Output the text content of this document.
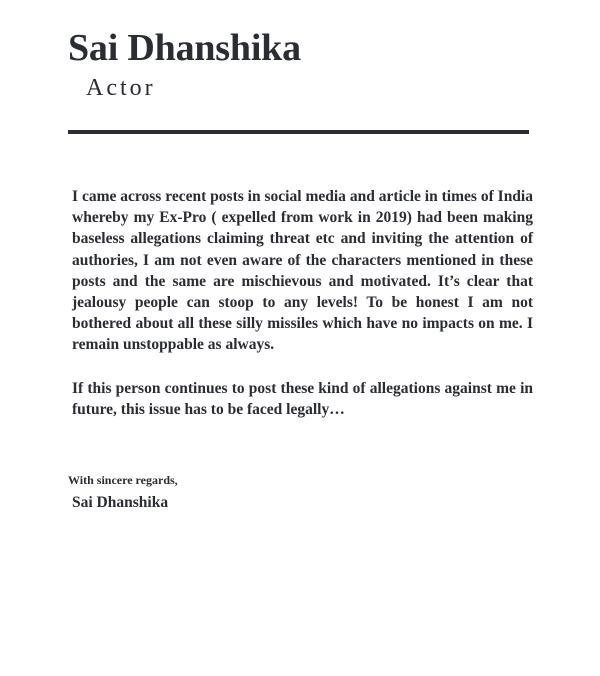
Sai Dhanshika
Actor

I came across recent posts in social media and article in times of India whereby my Ex-Pro ( expelled from work in 2019) had been making baseless allegations claiming threat etc and inviting the attention of authories, I am not even aware of the characters mentioned in these posts and the same are mischievous and motivated. It’s clear that jealousy people can stoop to any levels! To be honest I am not bothered about all these silly missiles which have no impacts on me. I remain unstoppable as always.

If this person continues to post these kind of allegations against me in future, this issue has to be faced legally…

With sincere regards,

Sai Dhanshika
